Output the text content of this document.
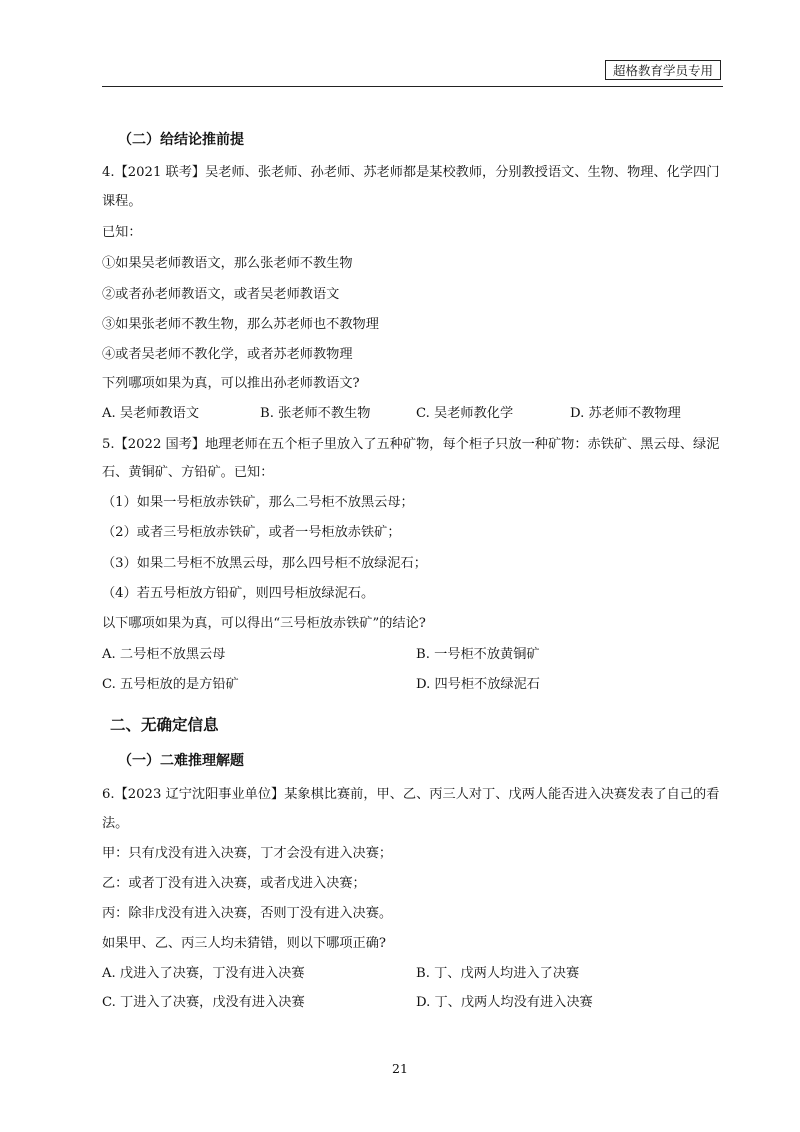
超格教育学员专用
（二）给结论推前提
4.【2021 联考】吴老师、张老师、孙老师、苏老师都是某校教师，分别教授语文、生物、物理、化学四门
课程。
已知：
①如果吴老师教语文，那么张老师不教生物
②或者孙老师教语文，或者吴老师教语文
③如果张老师不教生物，那么苏老师也不教物理
④或者吴老师不教化学，或者苏老师教物理
下列哪项如果为真，可以推出孙老师教语文?
A. 吴老师教语文	B. 张老师不教生物	C. 吴老师教化学	D. 苏老师不教物理
5.【2022 国考】地理老师在五个柜子里放入了五种矿物，每个柜子只放一种矿物：赤铁矿、黑云母、绿泥
石、黄铜矿、方铅矿。已知：
（1）如果一号柜放赤铁矿，那么二号柜不放黑云母；
（2）或者三号柜放赤铁矿，或者一号柜放赤铁矿；
（3）如果二号柜不放黑云母，那么四号柜不放绿泥石；
（4）若五号柜放方铅矿，则四号柜放绿泥石。
以下哪项如果为真，可以得出“三号柜放赤铁矿”的结论?
A. 二号柜不放黑云母	B. 一号柜不放黄铜矿
C. 五号柜放的是方铅矿	D. 四号柜不放绿泥石
二、无确定信息
（一）二难推理解题
6.【2023 辽宁沈阳事业单位】某象棋比赛前，甲、乙、丙三人对丁、戊两人能否进入决赛发表了自己的看
法。
甲：只有戊没有进入决赛，丁才会没有进入决赛；
乙：或者丁没有进入决赛，或者戊进入决赛；
丙：除非戊没有进入决赛，否则丁没有进入决赛。
如果甲、乙、丙三人均未猜错，则以下哪项正确?
A. 戊进入了决赛，丁没有进入决赛	B. 丁、戊两人均进入了决赛
C. 丁进入了决赛，戊没有进入决赛	D. 丁、戊两人均没有进入决赛
21
